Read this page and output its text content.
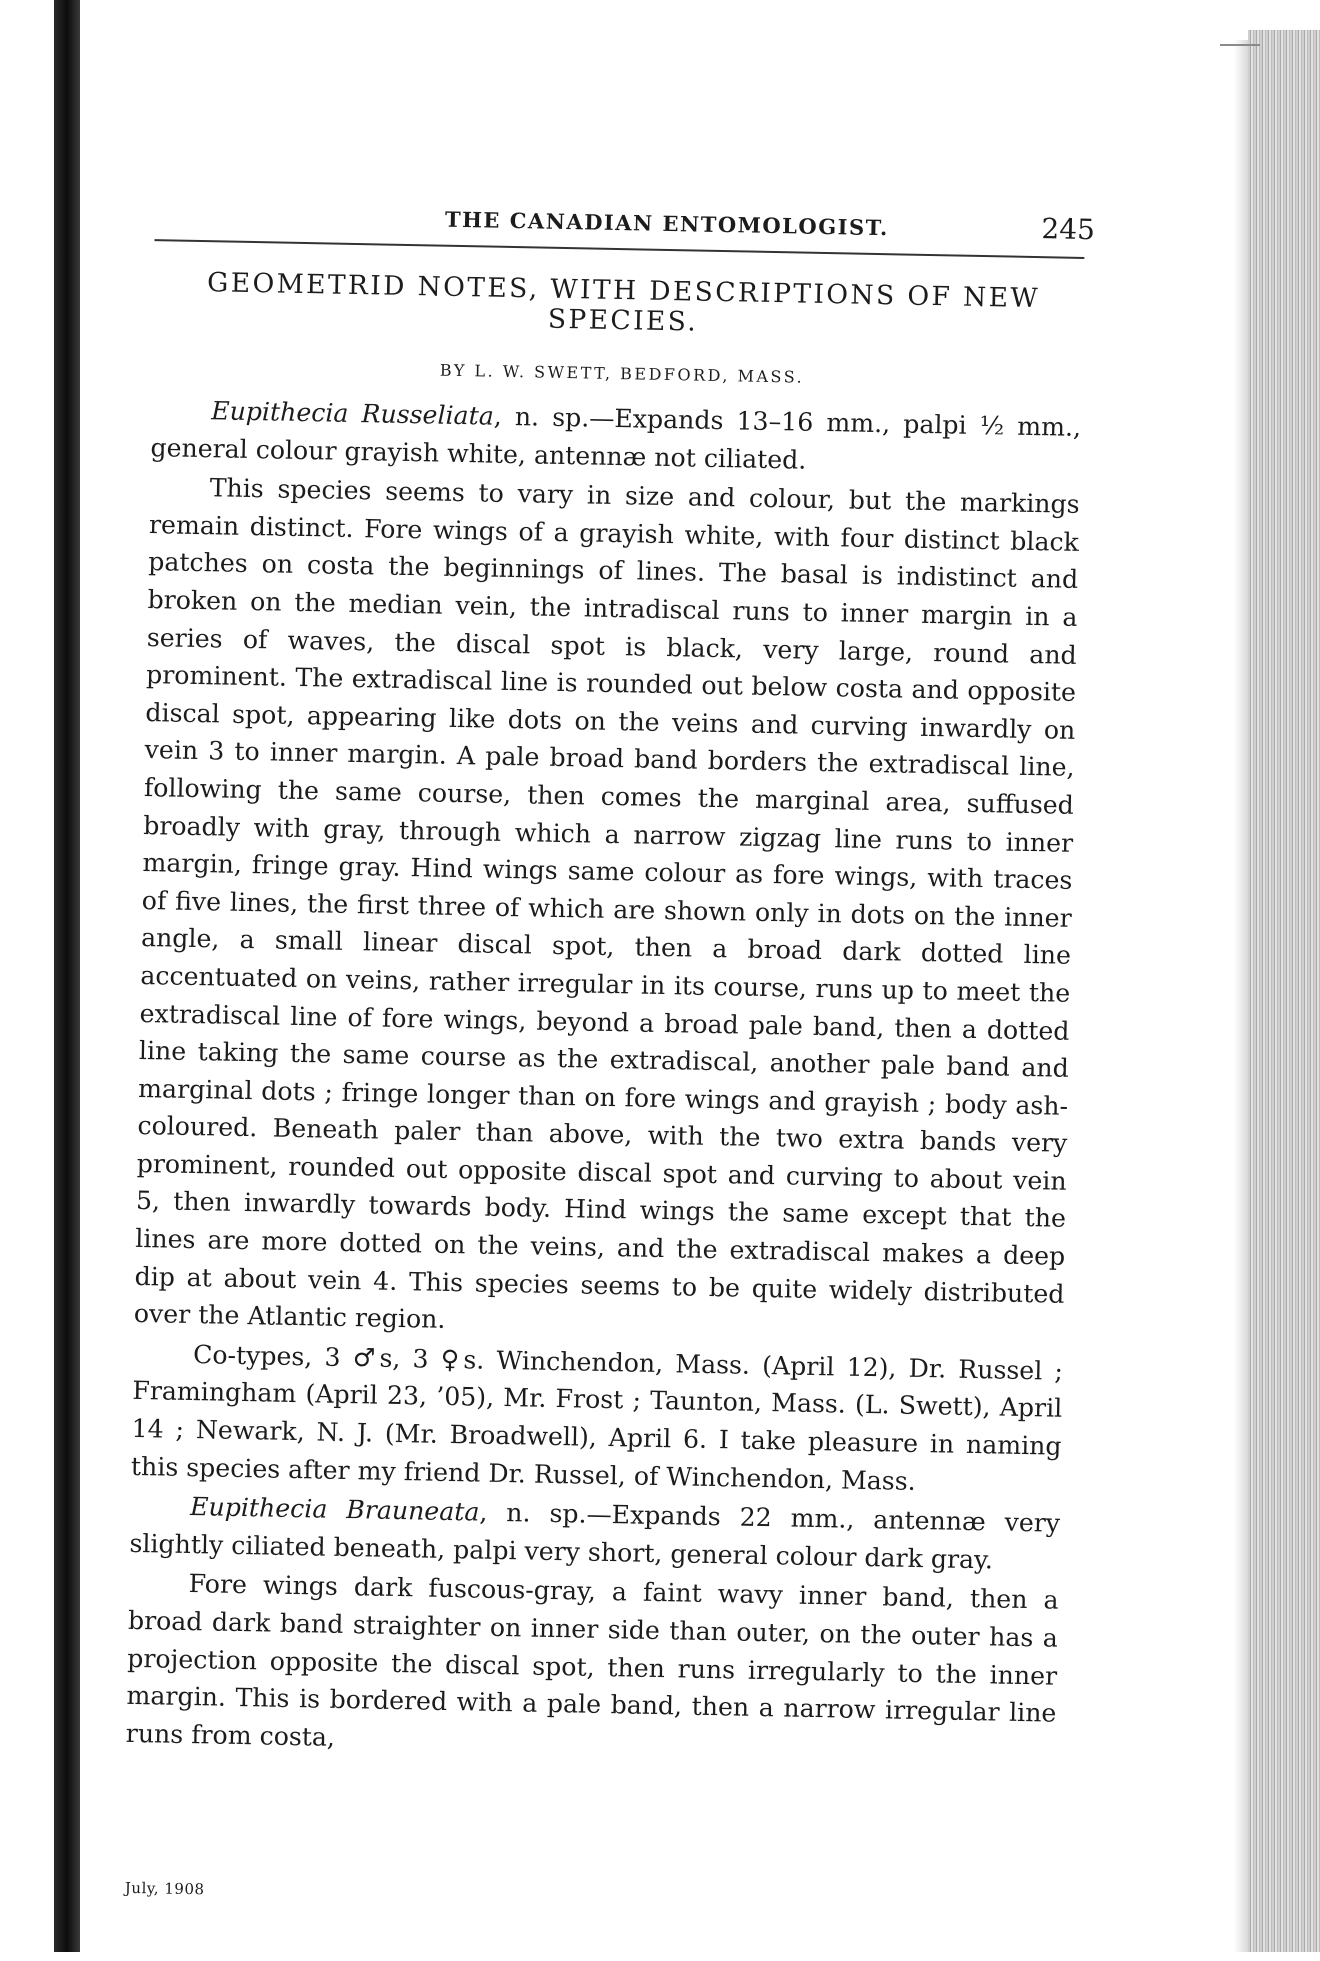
THE CANADIAN ENTOMOLOGIST.	245
GEOMETRID NOTES, WITH DESCRIPTIONS OF NEW SPECIES.
BY L. W. SWETT, BEDFORD, MASS.

Eupithecia Russeliata, n. sp.—Expands 13–16 mm., palpi ½ mm., general colour grayish white, antennæ not ciliated.

This species seems to vary in size and colour, but the markings remain distinct. Fore wings of a grayish white, with four distinct black patches on costa the beginnings of lines. The basal is indistinct and broken on the median vein, the intradiscal runs to inner margin in a series of waves, the discal spot is black, very large, round and prominent. The extradiscal line is rounded out below costa and opposite discal spot, appearing like dots on the veins and curving inwardly on vein 3 to inner margin. A pale broad band borders the extradiscal line, following the same course, then comes the marginal area, suffused broadly with gray, through which a narrow zigzag line runs to inner margin, fringe gray. Hind wings same colour as fore wings, with traces of five lines, the first three of which are shown only in dots on the inner angle, a small linear discal spot, then a broad dark dotted line accentuated on veins, rather irregular in its course, runs up to meet the extradiscal line of fore wings, beyond a broad pale band, then a dotted line taking the same course as the extradiscal, another pale band and marginal dots ; fringe longer than on fore wings and grayish ; body ash-coloured. Beneath paler than above, with the two extra bands very prominent, rounded out opposite discal spot and curving to about vein 5, then inwardly towards body. Hind wings the same except that the lines are more dotted on the veins, and the extradiscal makes a deep dip at about vein 4. This species seems to be quite widely distributed over the Atlantic region.

Co-types, 3 ♂s, 3 ♀s. Winchendon, Mass. (April 12), Dr. Russel ; Framingham (April 23, ’05), Mr. Frost ; Taunton, Mass. (L. Swett), April 14 ; Newark, N. J. (Mr. Broadwell), April 6. I take pleasure in naming this species after my friend Dr. Russel, of Winchendon, Mass.

Eupithecia Brauneata, n. sp.—Expands 22 mm., antennæ very slightly ciliated beneath, palpi very short, general colour dark gray.

Fore wings dark fuscous-gray, a faint wavy inner band, then a broad dark band straighter on inner side than outer, on the outer has a projection opposite the discal spot, then runs irregularly to the inner margin. This is bordered with a pale band, then a narrow irregular line runs from costa,

July, 1908
